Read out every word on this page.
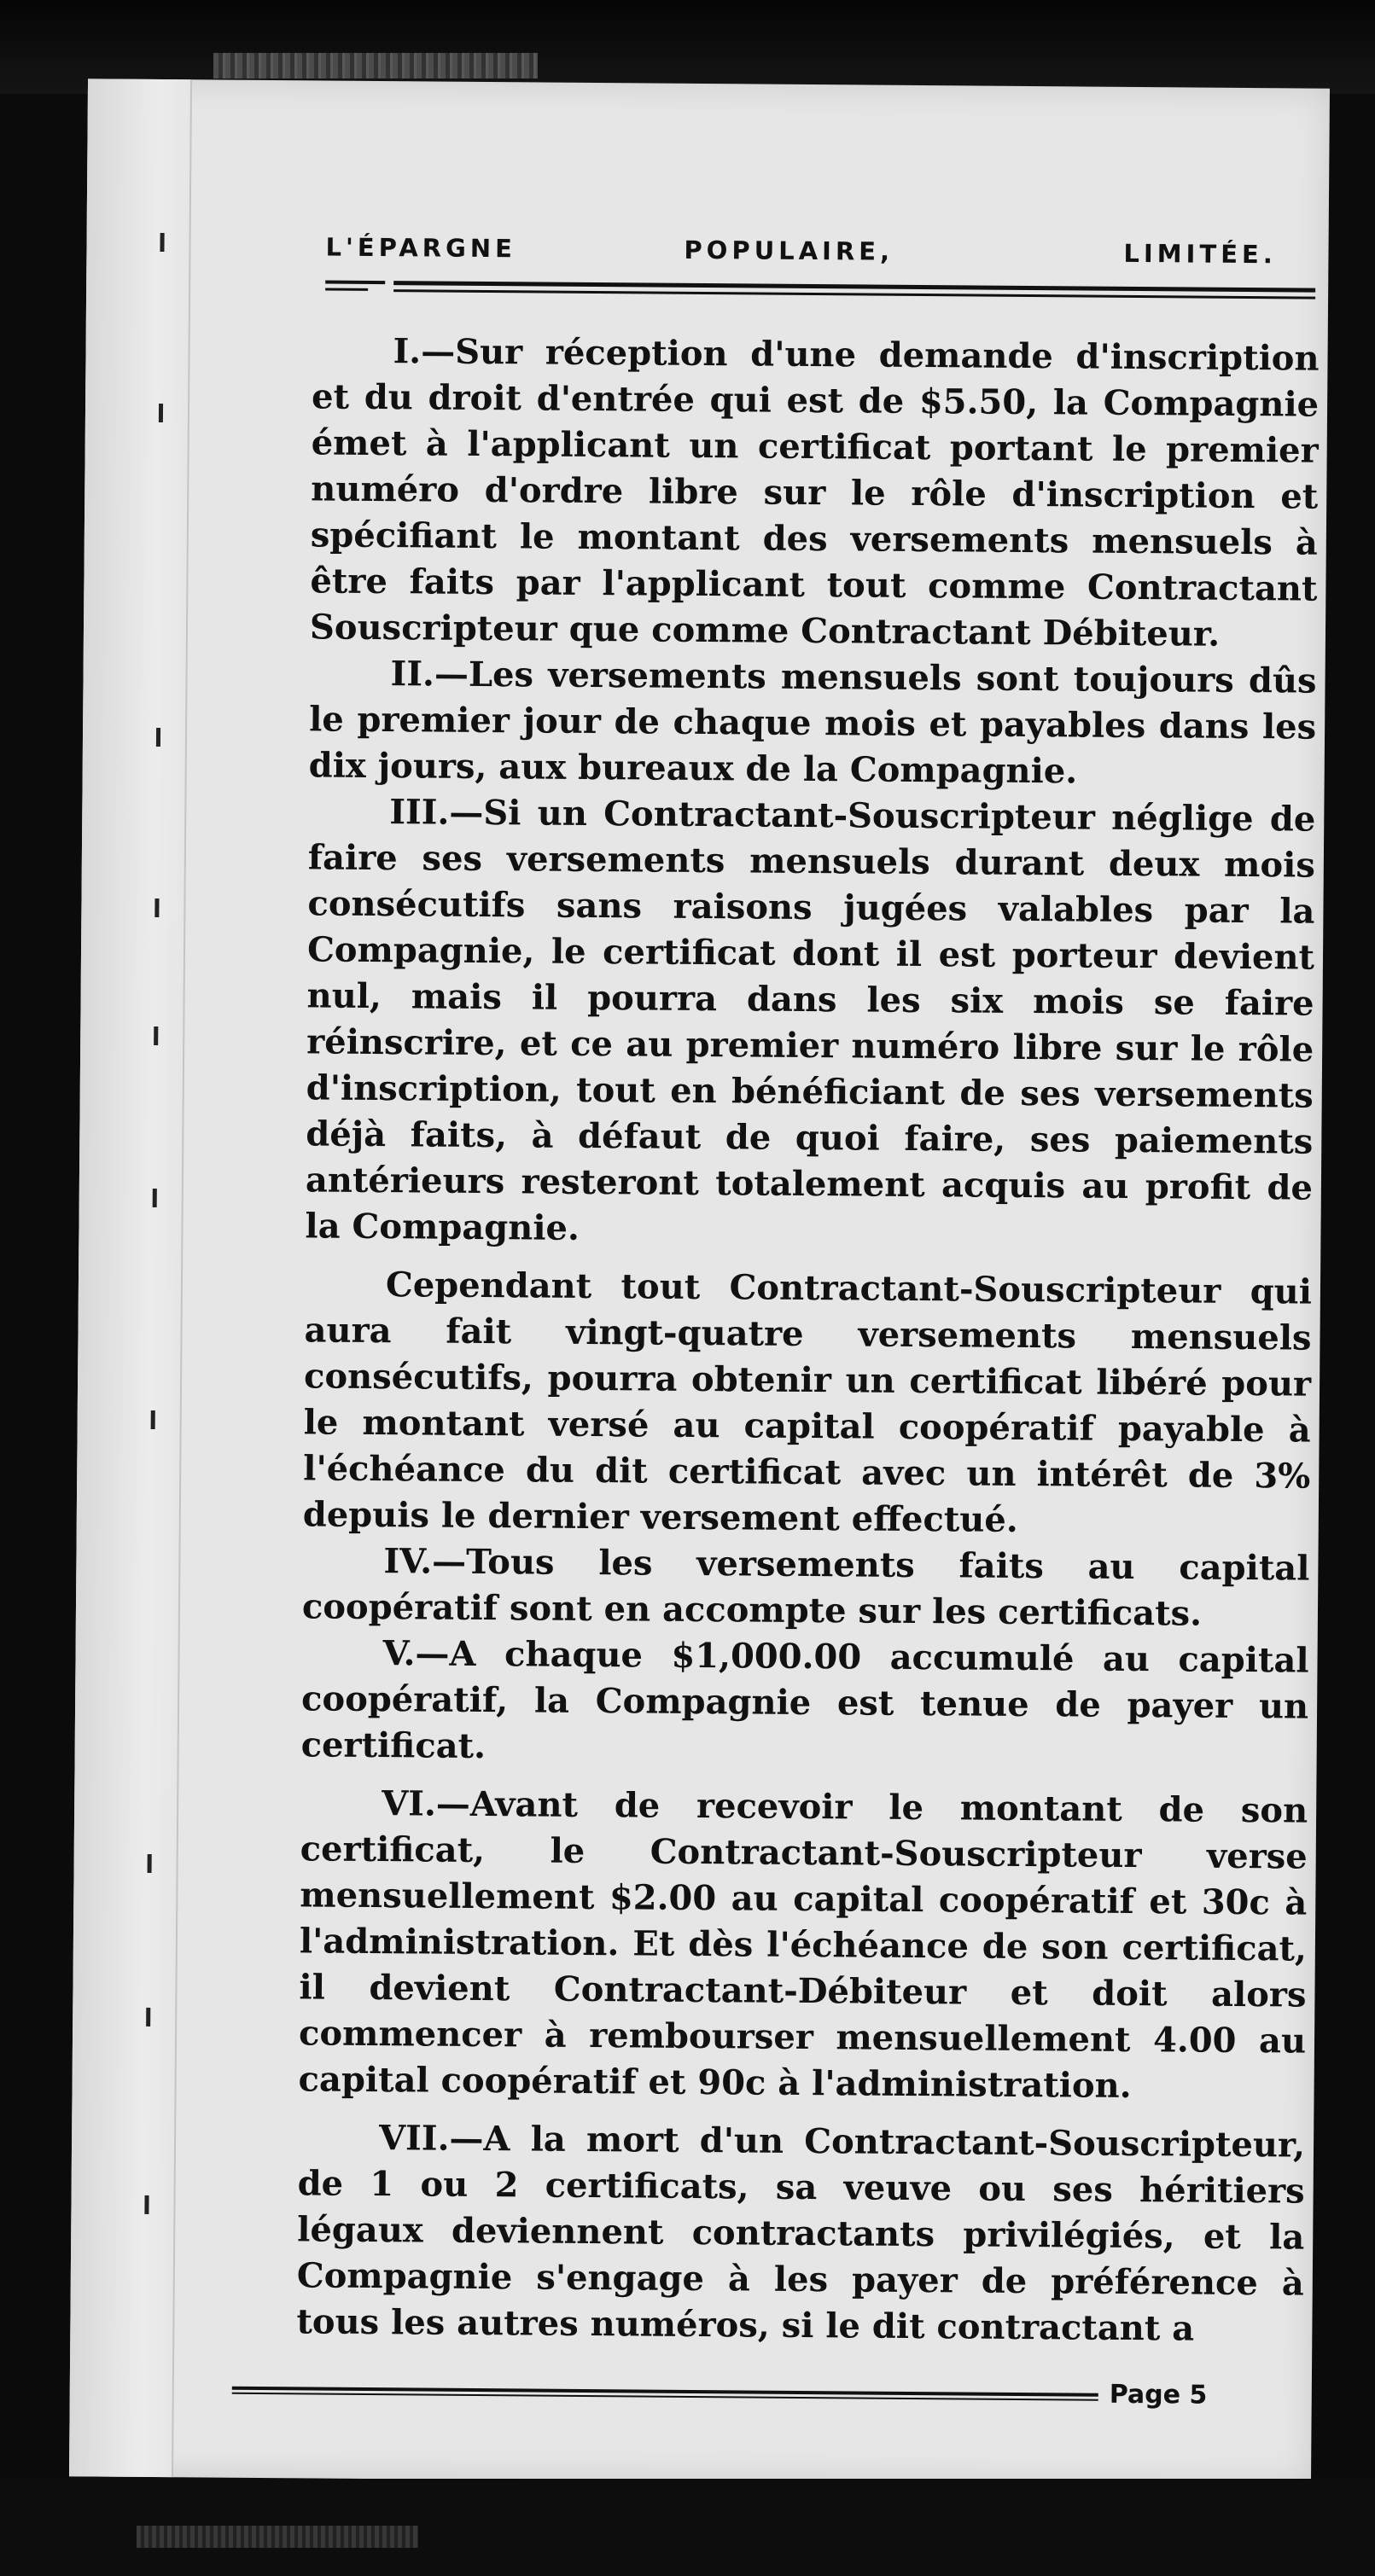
L'ÉPARGNE	POPULAIRE,	LIMITÉE.

I.—Sur réception d'une demande d'inscription et du droit d'entrée qui est de $5.50, la Compagnie émet à l'applicant un certificat portant le premier numéro d'ordre libre sur le rôle d'inscription et spécifiant le montant des versements mensuels à être faits par l'applicant tout comme Contractant Souscripteur que comme Contractant Débiteur.

II.—Les versements mensuels sont toujours dûs le premier jour de chaque mois et payables dans les dix jours, aux bureaux de la Compagnie.

III.—Si un Contractant-Souscripteur néglige de faire ses versements mensuels durant deux mois consécutifs sans raisons jugées valables par la Compagnie, le certificat dont il est porteur devient nul, mais il pourra dans les six mois se faire réinscrire, et ce au premier numéro libre sur le rôle d'inscription, tout en bénéficiant de ses versements déjà faits, à défaut de quoi faire, ses paiements antérieurs resteront totalement acquis au profit de la Compagnie.

Cependant tout Contractant-Souscripteur qui aura fait vingt-quatre versements mensuels consécutifs, pourra obtenir un certificat libéré pour le montant versé au capital coopératif payable à l'échéance du dit certificat avec un intérêt de 3% depuis le dernier versement effectué.

IV.—Tous les versements faits au capital coopératif sont en accompte sur les certificats.

V.—A chaque $1,000.00 accumulé au capital coopératif, la Compagnie est tenue de payer un certificat.

VI.—Avant de recevoir le montant de son certificat, le Contractant-Souscripteur verse mensuellement $2.00 au capital coopératif et 30c à l'administration. Et dès l'échéance de son certificat, il devient Contractant-Débiteur et doit alors commencer à rembourser mensuellement 4.00 au capital coopératif et 90c à l'administration.

VII.—A la mort d'un Contractant-Souscripteur, de 1 ou 2 certificats, sa veuve ou ses héritiers légaux deviennent contractants privilégiés, et la Compagnie s'engage à les payer de préférence à tous les autres numéros, si le dit contractant a

Page 5
